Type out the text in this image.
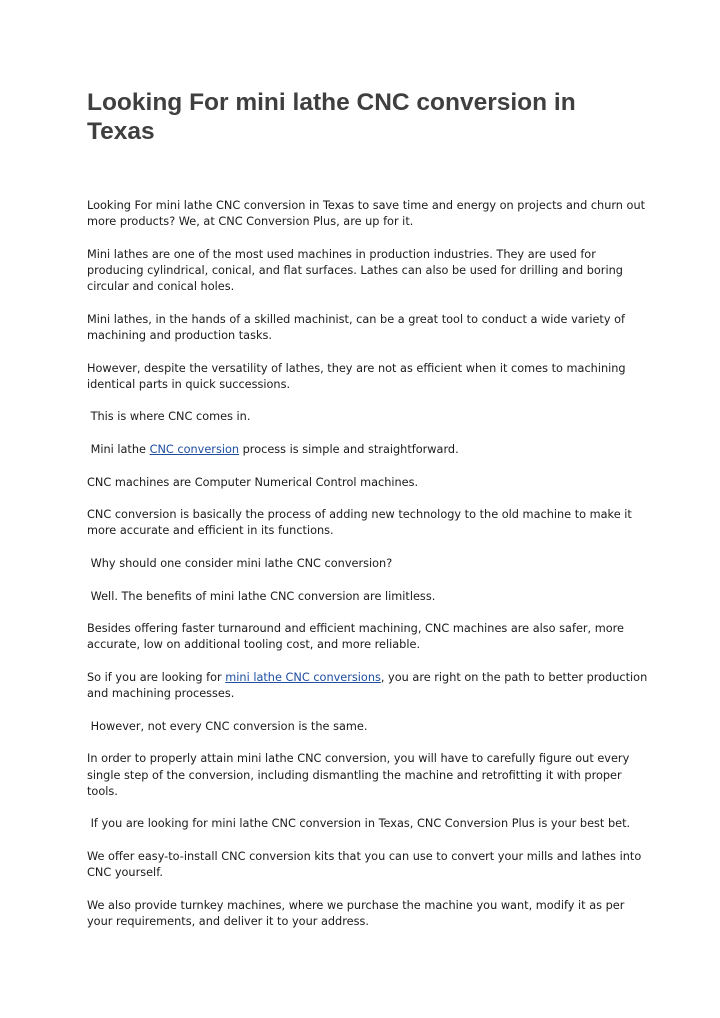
Looking For mini lathe CNC conversion in Texas

Looking For mini lathe CNC conversion in Texas to save time and energy on projects and churn out more products? We, at CNC Conversion Plus, are up for it.

Mini lathes are one of the most used machines in production industries. They are used for producing cylindrical, conical, and flat surfaces. Lathes can also be used for drilling and boring circular and conical holes.

Mini lathes, in the hands of a skilled machinist, can be a great tool to conduct a wide variety of machining and production tasks.

However, despite the versatility of lathes, they are not as efficient when it comes to machining identical parts in quick successions.

This is where CNC comes in.

Mini lathe CNC conversion process is simple and straightforward.

CNC machines are Computer Numerical Control machines.

CNC conversion is basically the process of adding new technology to the old machine to make it more accurate and efficient in its functions.

Why should one consider mini lathe CNC conversion?

Well. The benefits of mini lathe CNC conversion are limitless.

Besides offering faster turnaround and efficient machining, CNC machines are also safer, more accurate, low on additional tooling cost, and more reliable.

So if you are looking for mini lathe CNC conversions, you are right on the path to better production and machining processes.

However, not every CNC conversion is the same.

In order to properly attain mini lathe CNC conversion, you will have to carefully figure out every single step of the conversion, including dismantling the machine and retrofitting it with proper tools.

If you are looking for mini lathe CNC conversion in Texas, CNC Conversion Plus is your best bet.

We offer easy-to-install CNC conversion kits that you can use to convert your mills and lathes into CNC yourself.

We also provide turnkey machines, where we purchase the machine you want, modify it as per your requirements, and deliver it to your address.
